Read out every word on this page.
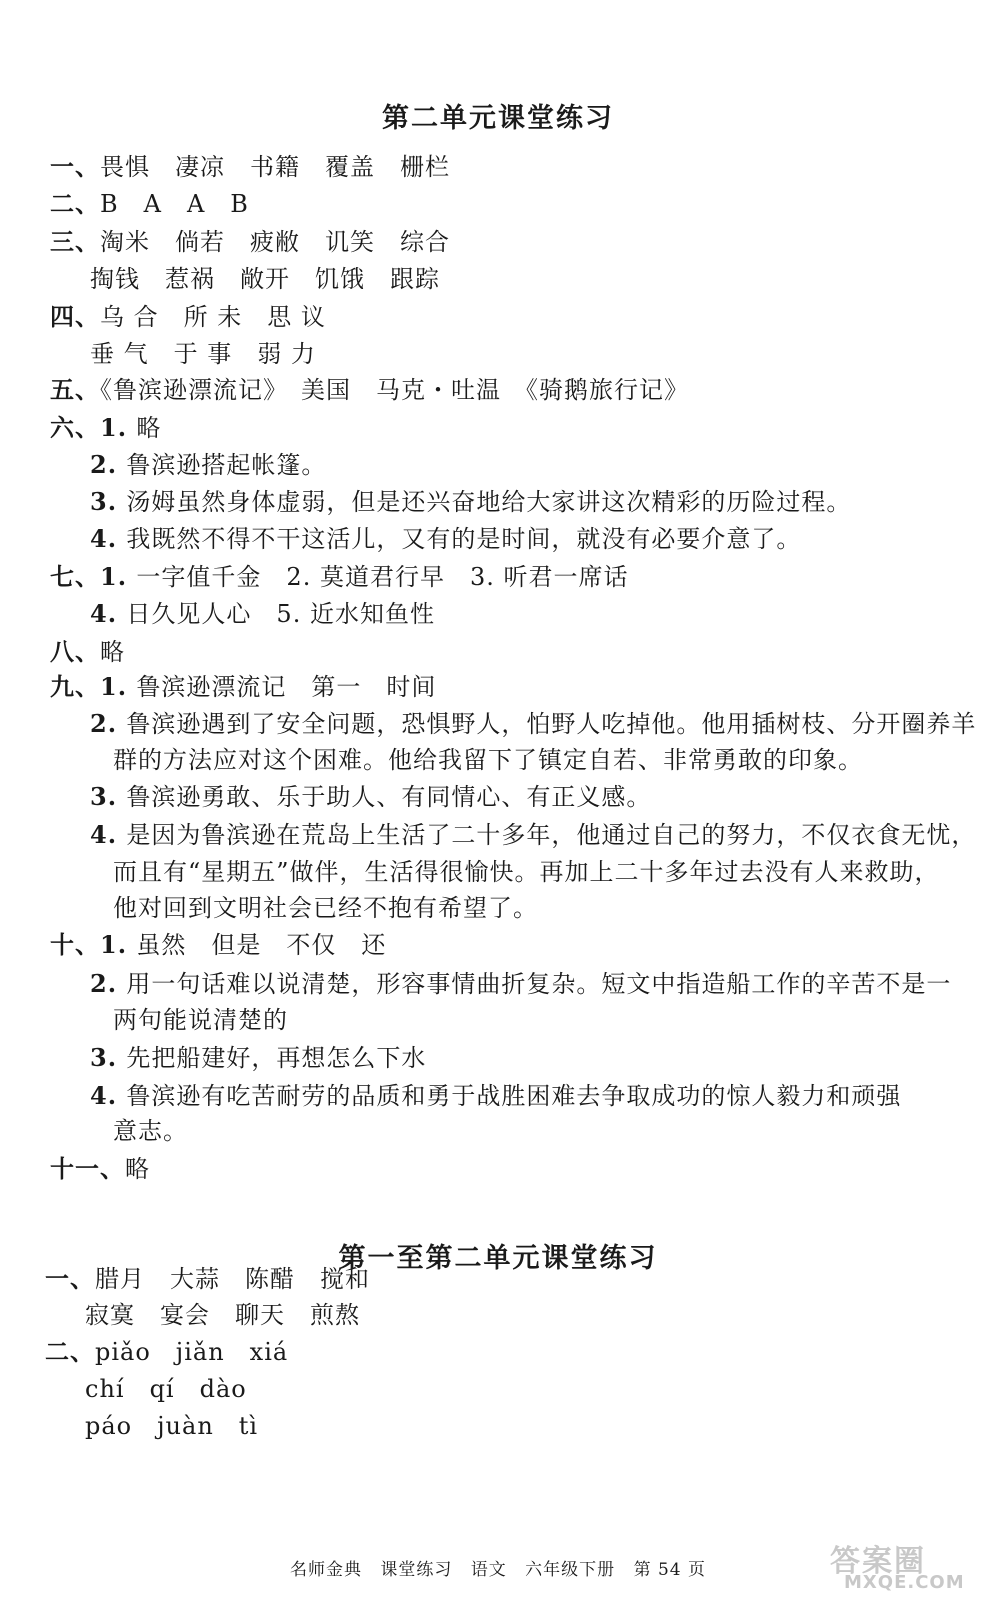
第二单元课堂练习
一、畏惧　凄凉　书籍　覆盖　栅栏
二、B　A　A　B
三、淘米　倘若　疲敝　讥笑　综合
掏钱　惹祸　敞开　饥饿　跟踪
四、乌 合　所 未　思 议
垂 气　于 事　弱 力
五、《鲁滨逊漂流记》　美国　马克・吐温　《骑鹅旅行记》
六、1. 略
2. 鲁滨逊搭起帐篷。
3. 汤姆虽然身体虚弱，但是还兴奋地给大家讲这次精彩的历险过程。
4. 我既然不得不干这活儿，又有的是时间，就没有必要介意了。
七、1. 一字值千金　2. 莫道君行早　3. 听君一席话
4. 日久见人心　5. 近水知鱼性
八、略
九、1. 鲁滨逊漂流记　第一　时间
2. 鲁滨逊遇到了安全问题，恐惧野人，怕野人吃掉他。他用插树枝、分开圈养羊
群的方法应对这个困难。他给我留下了镇定自若、非常勇敢的印象。
3. 鲁滨逊勇敢、乐于助人、有同情心、有正义感。
4. 是因为鲁滨逊在荒岛上生活了二十多年，他通过自己的努力，不仅衣食无忧，
而且有“星期五”做伴，生活得很愉快。再加上二十多年过去没有人来救助，
他对回到文明社会已经不抱有希望了。
十、1. 虽然　但是　不仅　还
2. 用一句话难以说清楚，形容事情曲折复杂。短文中指造船工作的辛苦不是一
两句能说清楚的
3. 先把船建好，再想怎么下水
4. 鲁滨逊有吃苦耐劳的品质和勇于战胜困难去争取成功的惊人毅力和顽强
意志。
十一、略
第一至第二单元课堂练习
一、腊月　大蒜　陈醋　搅和
寂寞　宴会　聊天　煎熬
二、piǎo　jiǎn　xiá
chí　qí　dào
páo　juàn　tì
名师金典 课堂练习 语文 六年级下册 第 54 页	答案圈
MXQE.COM
